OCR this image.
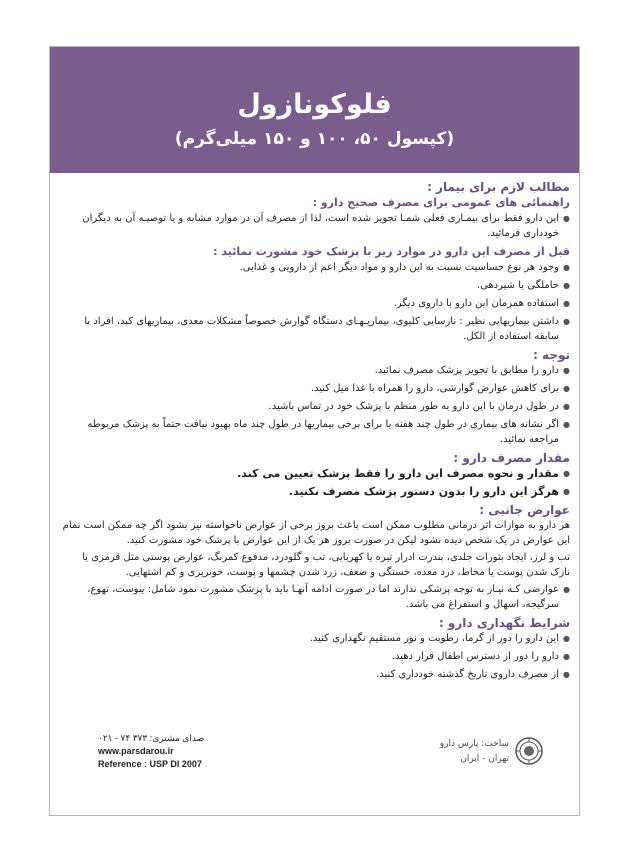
فلوکونازول
(کپسول ۵۰، ۱۰۰ و ۱۵۰ میلی‌گرم)
مطالب لازم برای بیمار :
راهنمائی های عمومی برای مصرف صحیح دارو :
● این دارو فقط برای بیمـاری فعلی شمـا تجویز شده است، لذا از مصرف آن در موارد مشابه و یا توصیـه آن به دیگران خودداری فرمائید.
قبل از مصرف این دارو در موارد زیر با پزشک خود مشورت نمائید :
● وجود هر نوع حساسیت نسبت به این دارو و مواد دیگر اعم از دارویی و غذایی.
● حاملگی یا شیردهی.
● استفاده همزمان این دارو با داروی دیگر.
● داشتن بیماریهایی نظیر : نارسایی کلیوی، بیماریـهـای دستگاه گوارش خصوصاً مشکلات معدی، بیماریهای کبد، افراد با سابقه استفاده از الکل.
توجه :
● دارو را مطابق با تجویز پزشک مصرف نمائید.
● برای کاهش عوارض گوارشی، دارو را همراه با غذا میل کنید.
● در طول درمان با این دارو به طور منظم با پزشک خود در تماس باشید.
● اگر نشانه های بیماری در طول چند هفته یا برای برخی بیماریها در طول چند ماه بهبود نیافت حتماً به پزشک مربوطه مراجعه نمائید.
مقدار مصرف دارو :
● مقدار و نحوه مصرف این دارو را فقط پزشک تعیین می کند.
● هرگز این دارو را بدون دستور پزشک مصرف نکنید.
عوارض جانبی :
هر دارو به موازات اثر درمانی مطلوب ممکن است باعث بروز برخی از عوارض ناخواسته نیز بشود اگر چه ممکن است تمام این عوارض در یک شخص دیده نشود لیکن در صورت بروز هر یک از این عوارض با پزشک خود مشورت کنید.
تب و لرز، ایجاد بثورات جلدی، بندرت ادرار تیره یا کهربایی، تب و گلودرد، مدفوع کمرنگ، عوارض پوستی مثل قرمزی یا نازک شدن پوست یا مخاط، درد معده، خستگی و ضعف، زرد شدن چشمها و پوست، خونریزی و کم اشتهایی.
● عوارضی کـه نیـاز به توجه پزشکی ندارند اما در صورت ادامه آنهـا باید با پزشک مشورت نمود شامل: یبوست، تهوع، سرگیجه، اسهال و استفراغ می باشد.
شرایط نگهداری دارو :
● این دارو را دور از گرما، رطوبت و نور مستقیم نگهداری کنید.
● دارو را دور از دسترس اطفال قرار دهید.
● از مصرف داروی تاریخ گذشته خودداری کنید.
صدای مشتری: ۳۷۳ ۷۴ - ۰۲۱
www.parsdarou.ir
Reference : USP DI 2007
ساخت: پارس دارو
تهران - ایران
